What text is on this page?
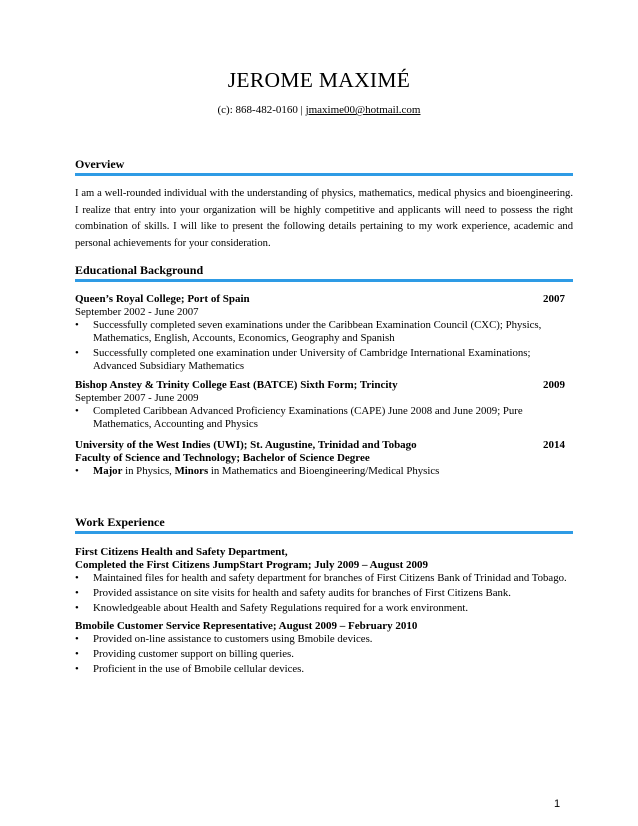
JEROME MAXIMÉ
(c): 868-482-0160 | jmaxime00@hotmail.com
Overview

I am a well-rounded individual with the understanding of physics, mathematics, medical physics and bioengineering. I realize that entry into your organization will be highly competitive and applicants will need to possess the right combination of skills. I will like to present the following details pertaining to my work experience, academic and personal achievements for your consideration.

Educational Background
Queen’s Royal College; Port of Spain	2007
September 2002 - June 2007
• Successfully completed seven examinations under the Caribbean Examination Council (CXC); Physics, Mathematics, English, Accounts, Economics, Geography and Spanish
• Successfully completed one examination under University of Cambridge International Examinations; Advanced Subsidiary Mathematics
Bishop Anstey & Trinity College East (BATCE) Sixth Form; Trincity	2009
September 2007 - June 2009
• Completed Caribbean Advanced Proficiency Examinations (CAPE) June 2008 and June 2009; Pure Mathematics, Accounting and Physics
University of the West Indies (UWI); St. Augustine, Trinidad and Tobago	2014
Faculty of Science and Technology; Bachelor of Science Degree
• Major in Physics, Minors in Mathematics and Bioengineering/Medical Physics
Work Experience
First Citizens Health and Safety Department,
Completed the First Citizens JumpStart Program; July 2009 – August 2009
• Maintained files for health and safety department for branches of First Citizens Bank of Trinidad and Tobago.
• Provided assistance on site visits for health and safety audits for branches of First Citizens Bank.
• Knowledgeable about Health and Safety Regulations required for a work environment.
Bmobile Customer Service Representative; August 2009 – February 2010
• Provided on-line assistance to customers using Bmobile devices.
• Providing customer support on billing queries.
• Proficient in the use of Bmobile cellular devices.
1
